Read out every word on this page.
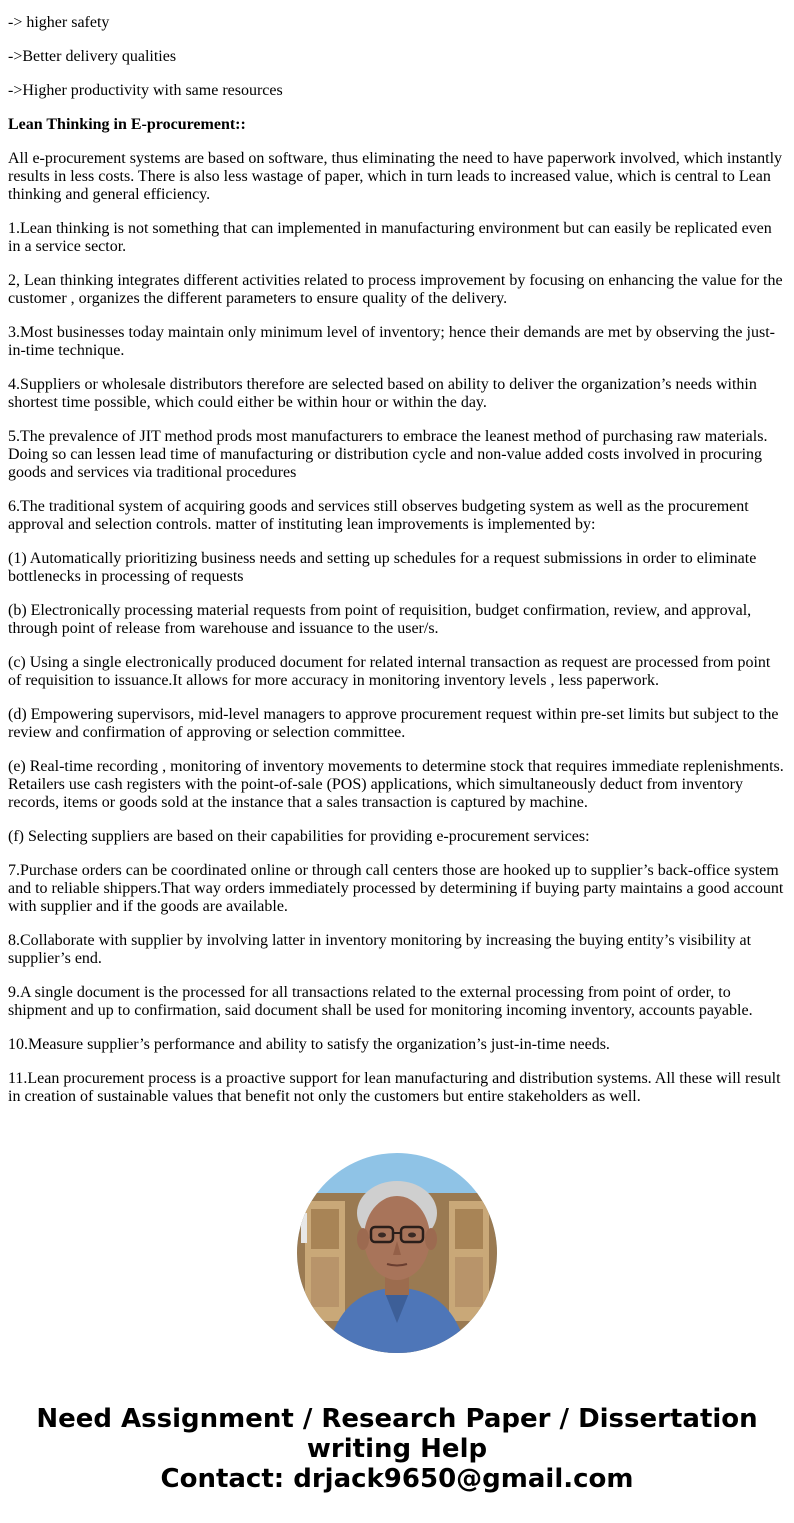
-> higher safety

->Better delivery qualities

->Higher productivity with same resources

Lean Thinking in E-procurement::

All e-procurement systems are based on software, thus eliminating the need to have paperwork involved, which instantly results in less costs. There is also less wastage of paper, which in turn leads to increased value, which is central to Lean thinking and general efficiency.

1.Lean thinking is not something that can implemented in manufacturing environment but can easily be replicated even in a service sector.

2, Lean thinking integrates different activities related to process improvement by focusing on enhancing the value for the customer , organizes the different parameters to ensure quality of the delivery.

3.Most businesses today maintain only minimum level of inventory; hence their demands are met by observing the just-in-time technique.

4.Suppliers or wholesale distributors therefore are selected based on ability to deliver the organization’s needs within shortest time possible, which could either be within hour or within the day.

5.The prevalence of JIT method prods most manufacturers to embrace the leanest method of purchasing raw materials. Doing so can lessen lead time of manufacturing or distribution cycle and non-value added costs involved in procuring goods and services via traditional procedures

6.The traditional system of acquiring goods and services still observes budgeting system as well as the procurement approval and selection controls. matter of instituting lean improvements is implemented by:

(1) Automatically prioritizing business needs and setting up schedules for a request submissions in order to eliminate bottlenecks in processing of requests

(b) Electronically processing material requests from point of requisition, budget confirmation, review, and approval, through point of release from warehouse and issuance to the user/s.

(c) Using a single electronically produced document for related internal transaction as request are processed from point of requisition to issuance.It allows for more accuracy in monitoring inventory levels , less paperwork.

(d) Empowering supervisors, mid-level managers to approve procurement request within pre-set limits but subject to the review and confirmation of approving or selection committee.

(e) Real-time recording , monitoring of inventory movements to determine stock that requires immediate replenishments. Retailers use cash registers with the point-of-sale (POS) applications, which simultaneously deduct from inventory records, items or goods sold at the instance that a sales transaction is captured by machine.

(f) Selecting suppliers are based on their capabilities for providing e-procurement services:

7.Purchase orders can be coordinated online or through call centers those are hooked up to supplier’s back-office system and to reliable shippers.That way orders immediately processed by determining if buying party maintains a good account with supplier and if the goods are available.

8.Collaborate with supplier by involving latter in inventory monitoring by increasing the buying entity’s visibility at supplier’s end.

9.A single document is the processed for all transactions related to the external processing from point of order, to shipment and up to confirmation, said document shall be used for monitoring incoming inventory, accounts payable.

10.Measure supplier’s performance and ability to satisfy the organization’s just-in-time needs.

11.Lean procurement process is a proactive support for lean manufacturing and distribution systems. All these will result in creation of sustainable values that benefit not only the customers but entire stakeholders as well.

Need Assignment / Research Paper / Dissertation
writing Help
Contact: drjack9650@gmail.com
